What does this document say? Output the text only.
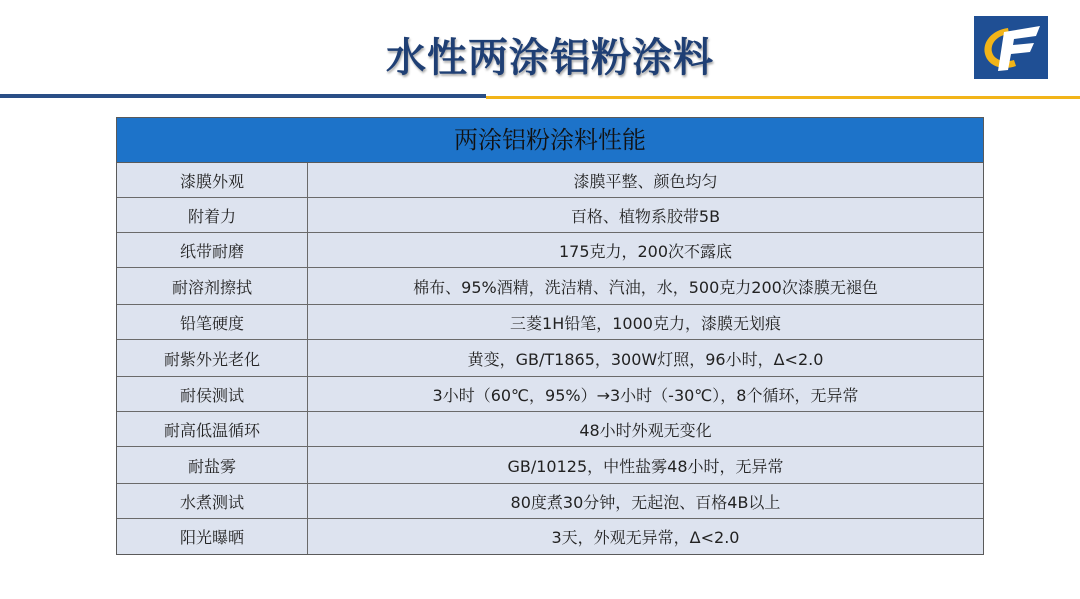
水性两涂铝粉涂料
两涂铝粉涂料性能
漆膜外观	漆膜平整、颜色均匀
附着力	百格、植物系胶带5B
纸带耐磨	175克力，200次不露底
耐溶剂擦拭	棉布、95%酒精，洗洁精、汽油，水，500克力200次漆膜无褪色
铅笔硬度	三菱1H铅笔，1000克力，漆膜无划痕
耐紫外光老化	黄变，GB/T1865，300W灯照，96小时，Δ<2.0
耐侯测试	3小时（60℃，95%）→3小时（-30℃），8个循环，无异常
耐高低温循环	48小时外观无变化
耐盐雾	GB/10125，中性盐雾48小时，无异常
水煮测试	80度煮30分钟，无起泡、百格4B以上
阳光曝晒	3天，外观无异常，Δ<2.0
